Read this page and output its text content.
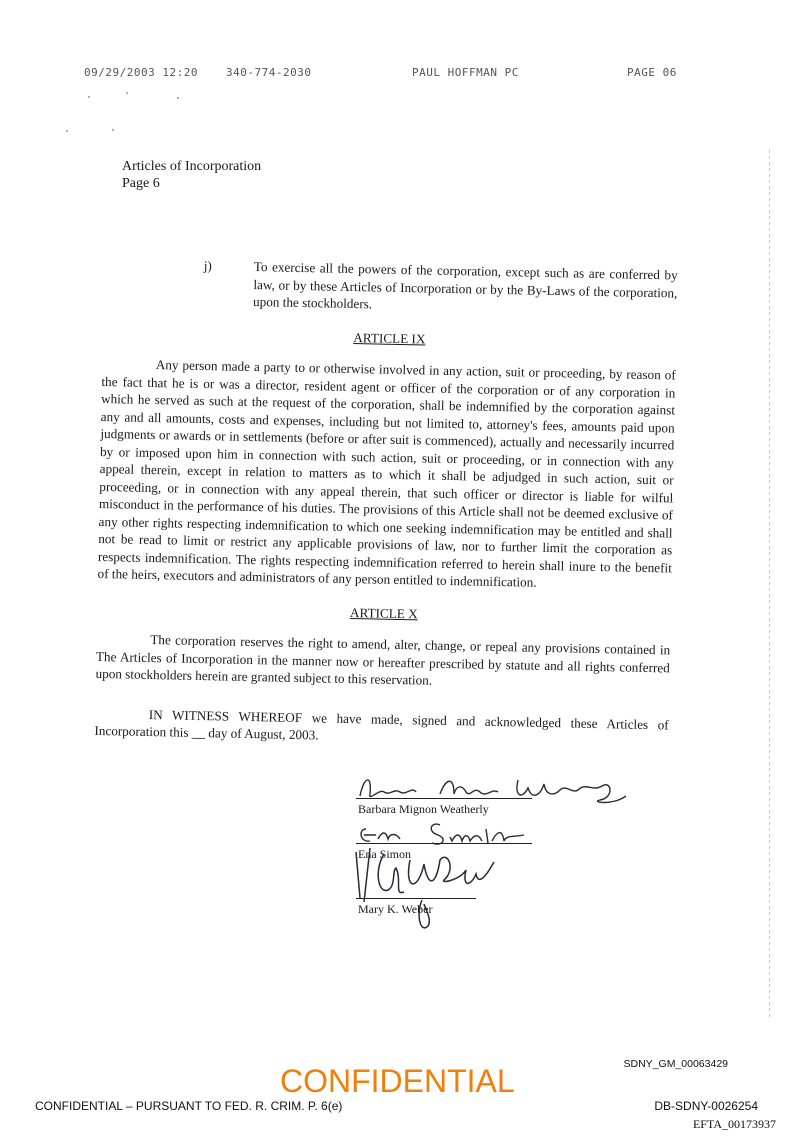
09/29/2003 12:20	340-774-2030	PAUL HOFFMAN PC	PAGE 06
Articles of Incorporation
Page 6
j)	To exercise all the powers of the corporation, except such as are conferred by law, or by these Articles of Incorporation or by the By-Laws of the corporation, upon the stockholders.
ARTICLE IX

Any person made a party to or otherwise involved in any action, suit or proceeding, by reason of the fact that he is or was a director, resident agent or officer of the corporation or of any corporation in which he served as such at the request of the corporation, shall be indemnified by the corporation against any and all amounts, costs and expenses, including but not limited to, attorney's fees, amounts paid upon judgments or awards or in settlements (before or after suit is commenced), actually and necessarily incurred by or imposed upon him in connection with such action, suit or proceeding, or in connection with any appeal therein, except in relation to matters as to which it shall be adjudged in such action, suit or proceeding, or in connection with any appeal therein, that such officer or director is liable for wilful misconduct in the performance of his duties. The provisions of this Article shall not be deemed exclusive of any other rights respecting indemnification to which one seeking indemnification may be entitled and shall not be read to limit or restrict any applicable provisions of law, nor to further limit the corporation as respects indemnification. The rights respecting indemnification referred to herein shall inure to the benefit of the heirs, executors and administrators of any person entitled to indemnification.

ARTICLE X

The corporation reserves the right to amend, alter, change, or repeal any provisions contained in The Articles of Incorporation in the manner now or hereafter prescribed by statute and all rights conferred upon stockholders herein are granted subject to this reservation.

IN WITNESS WHEREOF we have made, signed and acknowledged these Articles of Incorporation this __ day of August, 2003.

Barbara Mignon Weatherly
Ena Simon
Mary K. Weber
SDNY_GM_00063429
CONFIDENTIAL
CONFIDENTIAL – PURSUANT TO FED. R. CRIM. P. 6(e)	DB-SDNY-0026254
EFTA_00173937
